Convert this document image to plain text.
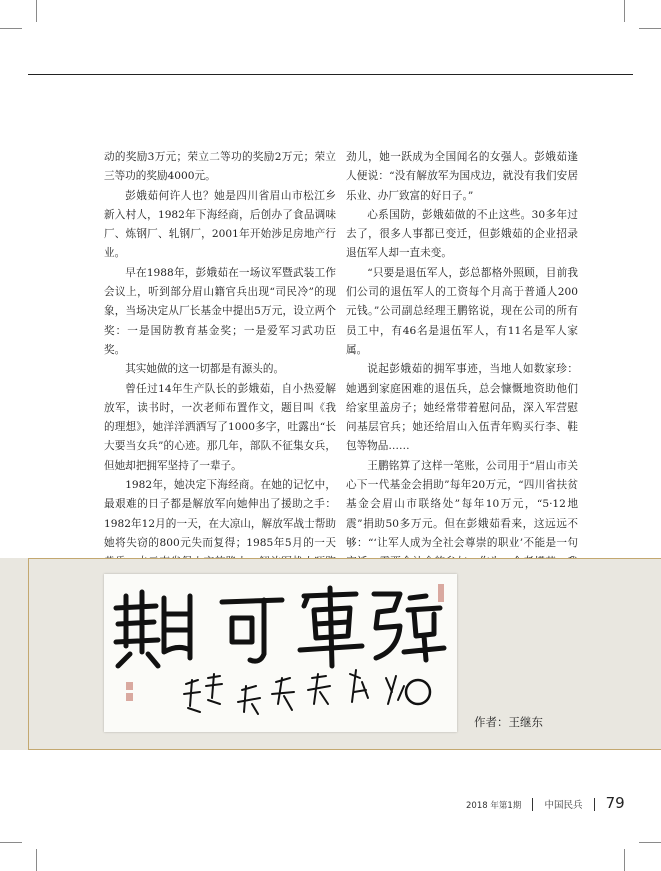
动的奖励3万元；荣立二等功的奖励2万元；荣立三等功的奖励4000元。

彭娥茹何许人也？她是四川省眉山市松江乡新入村人，1982年下海经商，后创办了食品调味厂、炼钢厂、轧钢厂，2001年开始涉足房地产行业。

早在1988年，彭娥茹在一场议军暨武装工作会议上，听到部分眉山籍官兵出现“司民冷”的现象，当场决定从厂长基金中提出5万元，设立两个奖：一是国防教育基金奖；一是爱军习武功臣奖。

其实她做的这一切都是有源头的。

曾任过14年生产队长的彭娥茹，自小热爱解放军，读书时，一次老师布置作文，题目叫《我的理想》，她洋洋洒洒写了1000多字，吐露出“长大要当女兵”的心迹。那几年，部队不征集女兵，但她却把拥军坚持了一辈子。

1982年，她决定下海经商。在她的记忆中，最艰难的日子都是解放军向她伸出了援助之手：1982年12月的一天，在大凉山，解放军战士帮助她将失窃的800元失而复得；1985年5月的一天

劲儿，她一跃成为全国闻名的女强人。彭娥茹逢人便说：“没有解放军为国戍边，就没有我们安居乐业、办厂致富的好日子。”

心系国防，彭娥茹做的不止这些。30多年过去了，很多人事都已变迁，但彭娥茹的企业招录退伍军人却一直未变。

“只要是退伍军人，彭总都格外照顾，目前我们公司的退伍军人的工资每个月高于普通人200元钱。”公司副总经理王鹏铭说，现在公司的所有员工中，有46名是退伍军人，有11名是军人家属。

说起彭娥茹的拥军事迹，当地人如数家珍：她遇到家庭困难的退伍兵，总会慷慨地资助他们给家里盖房子；她经常带着慰问品，深入军营慰问基层官兵；她还给眉山入伍青年购买行李、鞋包等物品……

王鹏铭算了这样一笔账，公司用于“眉山市关心下一代基金会捐助”每年20万元，“四川省扶贫基金会眉山市联络处”每年10万元，“5·12地震”捐助50多万元。但在彭娥茹看来，这远远不够：“‘让军人成为全社会尊崇的职业’不能是一句

作者：王继东
2018 年第1期 中国民兵 79
